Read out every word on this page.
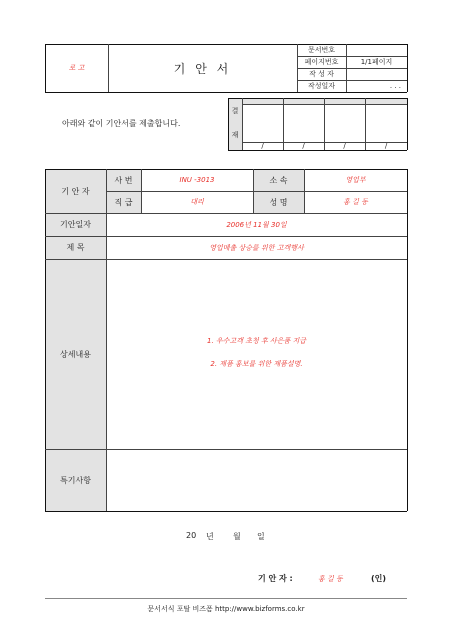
로 고	기 안 서
문서번호
페이지번호	1/1페이지
작 성 자
작성일자	. . .
아래와 같이 기안서를 제출합니다.
결
재
/	/	/	/
기 안 자
사 번	INU -3013	소 속	영업부
직 급	대리	성 명	홍 길 동
기안일자	2006년 11월 30일
제 목	영업매출 상승를 위한 고객행사
상세내용
1. 우수고객 초청 후 사은품 지급
2. 제품 홍보를 위한 제품설명.
특기사항
20 년 월 일
기 안 자 :	홍 길 동	(인)
문서서식 포탈 비즈폼 http://www.bizforms.co.kr
